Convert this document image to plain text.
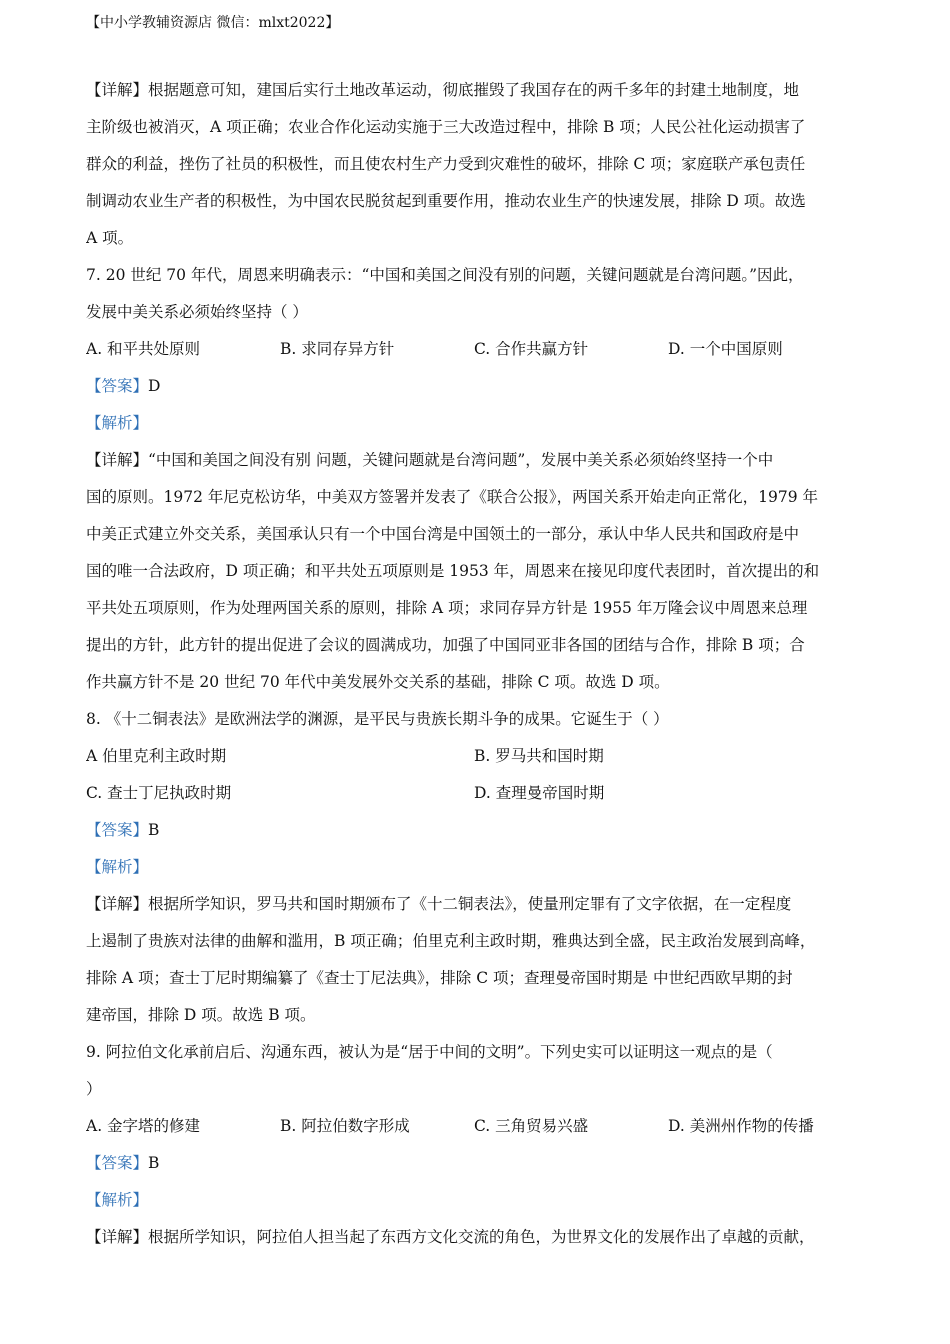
【中小学教辅资源店 微信：mlxt2022】
【详解】根据题意可知，建国后实行土地改革运动，彻底摧毁了我国存在的两千多年的封建土地制度，地
主阶级也被消灭，A 项正确；农业合作化运动实施于三大改造过程中，排除 B 项；人民公社化运动损害了
群众的利益，挫伤了社员的积极性，而且使农村生产力受到灾难性的破坏，排除 C 项；家庭联产承包责任
制调动农业生产者的积极性，为中国农民脱贫起到重要作用，推动农业生产的快速发展，排除 D 项。故选
A 项。
7. 20 世纪 70 年代，周恩来明确表示：“中国和美国之间没有别的问题，关键问题就是台湾问题。”因此，
发展中美关系必须始终坚持（ ）
A. 和平共处原则	B. 求同存异方针	C. 合作共赢方针	D. 一个中国原则
【答案】D
【解析】
【详解】“中国和美国之间没有别 问题，关键问题就是台湾问题”，发展中美关系必须始终坚持一个中
国的原则。1972 年尼克松访华，中美双方签署并发表了《联合公报》，两国关系开始走向正常化，1979 年
中美正式建立外交关系，美国承认只有一个中国台湾是中国领土的一部分，承认中华人民共和国政府是中
国的唯一合法政府，D 项正确；和平共处五项原则是 1953 年，周恩来在接见印度代表团时，首次提出的和
平共处五项原则，作为处理两国关系的原则，排除 A 项；求同存异方针是 1955 年万隆会议中周恩来总理
提出的方针，此方针的提出促进了会议的圆满成功，加强了中国同亚非各国的团结与合作，排除 B 项；合
作共赢方针不是 20 世纪 70 年代中美发展外交关系的基础，排除 C 项。故选 D 项。
8. 《十二铜表法》是欧洲法学的渊源，是平民与贵族长期斗争的成果。它诞生于（ ）
A 伯里克利主政时期	B. 罗马共和国时期
C. 查士丁尼执政时期	D. 查理曼帝国时期
【答案】B
【解析】
【详解】根据所学知识，罗马共和国时期颁布了《十二铜表法》，使量刑定罪有了文字依据，在一定程度
上遏制了贵族对法律的曲解和滥用，B 项正确；伯里克利主政时期，雅典达到全盛，民主政治发展到高峰，
排除 A 项；查士丁尼时期编纂了《查士丁尼法典》，排除 C 项；查理曼帝国时期是 中世纪西欧早期的封
建帝国，排除 D 项。故选 B 项。
9. 阿拉伯文化承前启后、沟通东西，被认为是“居于中间的文明”。下列史实可以证明这一观点的是（
）
A. 金字塔的修建	B. 阿拉伯数字形成	C. 三角贸易兴盛	D. 美洲州作物的传播
【答案】B
【解析】
【详解】根据所学知识，阿拉伯人担当起了东西方文化交流的角色，为世界文化的发展作出了卓越的贡献，
